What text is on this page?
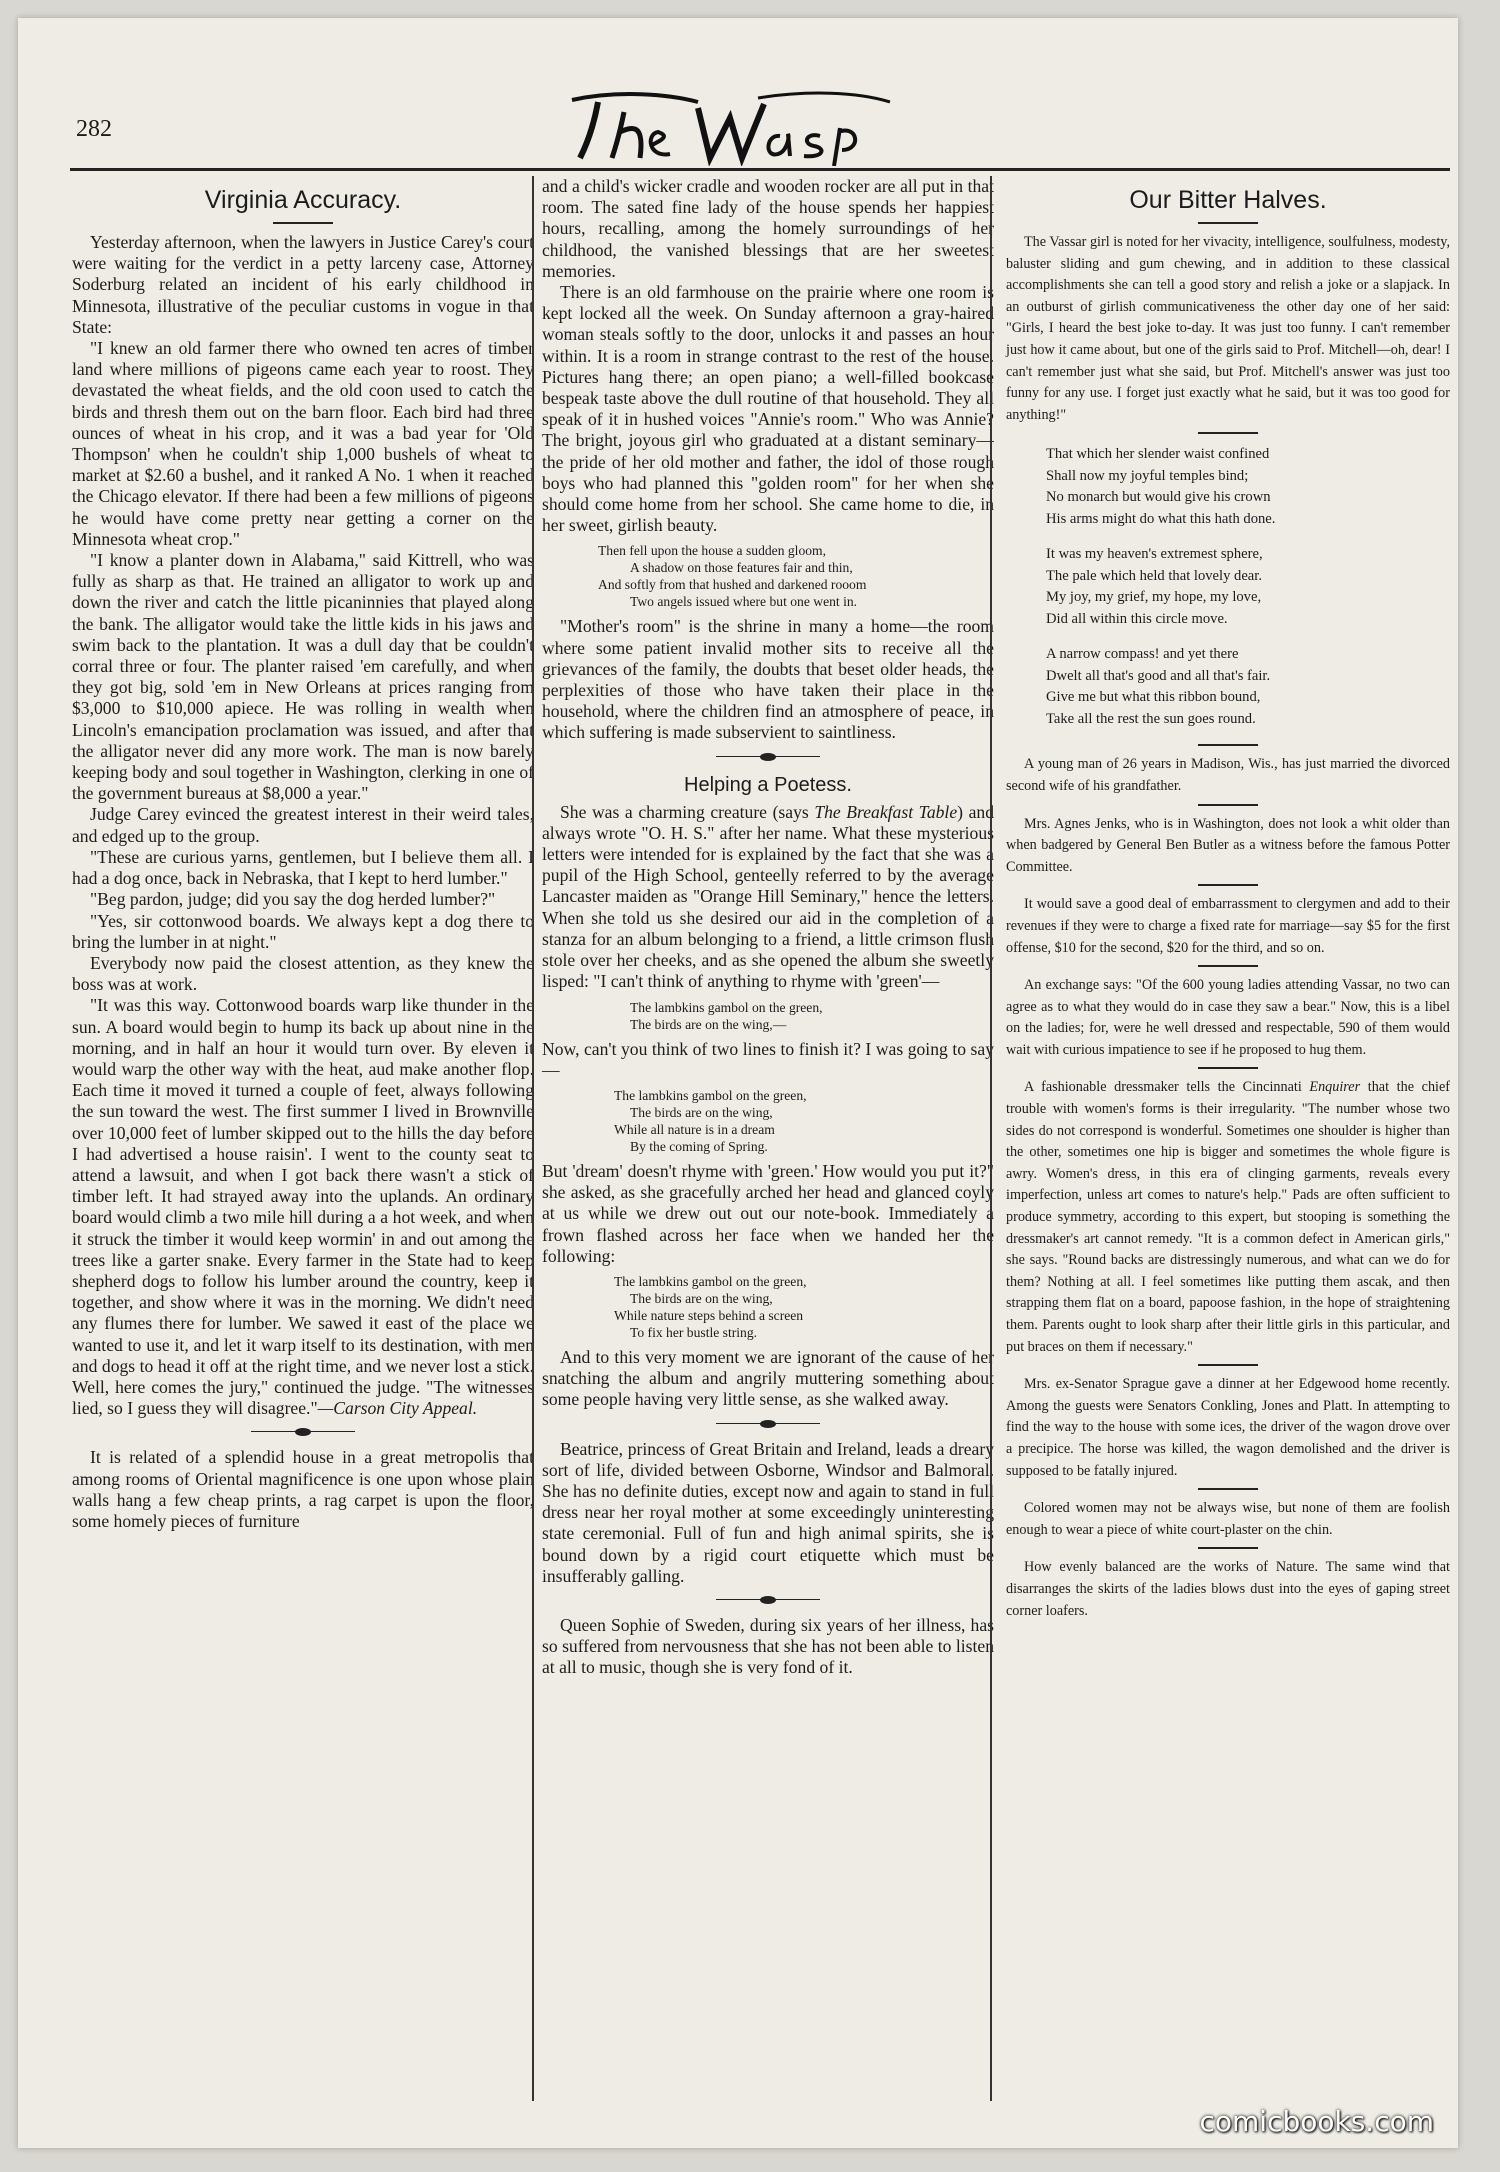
282	The Wasp
Virginia Accuracy.

Yesterday afternoon, when the lawyers in Justice Carey's court were waiting for the verdict in a petty larceny case, Attorney Soderburg related an incident of his early childhood in Minnesota, illustrative of the peculiar customs in vogue in that State:

"I knew an old farmer there who owned ten acres of timber land where millions of pigeons came each year to roost. They devastated the wheat fields, and the old coon used to catch the birds and thresh them out on the barn floor. Each bird had three ounces of wheat in his crop, and it was a bad year for 'Old Thompson' when he couldn't ship 1,000 bushels of wheat to market at $2.60 a bushel, and it ranked A No. 1 when it reached the Chicago elevator. If there had been a few millions of pigeons he would have come pretty near getting a corner on the Minnesota wheat crop."

"I know a planter down in Alabama," said Kittrell, who was fully as sharp as that. He trained an alligator to work up and down the river and catch the little picaninnies that played along the bank. The alligator would take the little kids in his jaws and swim back to the plantation. It was a dull day that be couldn't corral three or four. The planter raised 'em carefully, and when they got big, sold 'em in New Orleans at prices ranging from $3,000 to $10,000 apiece. He was rolling in wealth when Lincoln's emancipation proclamation was issued, and after that the alligator never did any more work. The man is now barely keeping body and soul together in Washington, clerking in one of the government bureaus at $8,000 a year."

Judge Carey evinced the greatest interest in their weird tales, and edged up to the group.

"These are curious yarns, gentlemen, but I believe them all. I had a dog once, back in Nebraska, that I kept to herd lumber."

"Beg pardon, judge; did you say the dog herded lumber?"

"Yes, sir cottonwood boards. We always kept a dog there to bring the lumber in at night."

Everybody now paid the closest attention, as they knew the boss was at work.

"It was this way. Cottonwood boards warp like thunder in the sun. A board would begin to hump its back up about nine in the morning, and in half an hour it would turn over. By eleven it would warp the other way with the heat, aud make another flop. Each time it moved it turned a couple of feet, always following the sun toward the west. The first summer I lived in Brownville over 10,000 feet of lumber skipped out to the hills the day before I had advertised a house raisin'. I went to the county seat to attend a lawsuit, and when I got back there wasn't a stick of timber left. It had strayed away into the uplands. An ordinary board would climb a two mile hill during a a hot week, and when it struck the timber it would keep wormin' in and out among the trees like a garter snake. Every farmer in the State had to keep shepherd dogs to follow his lumber around the country, keep it together, and show where it was in the morning. We didn't need any flumes there for lumber. We sawed it east of the place we wanted to use it, and let it warp itself to its destination, with men and dogs to head it off at the right time, and we never lost a stick. Well, here comes the jury," continued the judge. "The witnesses lied, so I guess they will disagree."—Carson City Appeal.

It is related of a splendid house in a great metropolis that among rooms of Oriental magnificence is one upon whose plain walls hang a few cheap prints, a rag carpet is upon the floor, some homely pieces of furniture

and a child's wicker cradle and wooden rocker are all put in that room. The sated fine lady of the house spends her happiest hours, recalling, among the homely surroundings of her childhood, the vanished blessings that are her sweetest memories.

There is an old farmhouse on the prairie where one room is kept locked all the week. On Sunday afternoon a gray-haired woman steals softly to the door, unlocks it and passes an hour within. It is a room in strange contrast to the rest of the house. Pictures hang there; an open piano; a well-filled bookcase bespeak taste above the dull routine of that household. They all speak of it in hushed voices "Annie's room." Who was Annie? The bright, joyous girl who graduated at a distant seminary—the pride of her old mother and father, the idol of those rough boys who had planned this "golden room" for her when she should come home from her school. She came home to die, in her sweet, girlish beauty.

Then fell upon the house a sudden gloom,
A shadow on those features fair and thin,
And softly from that hushed and darkened rooom
Two angels issued where but one went in.

"Mother's room" is the shrine in many a home—the room where some patient invalid mother sits to receive all the grievances of the family, the doubts that beset older heads, the perplexities of those who have taken their place in the household, where the children find an atmosphere of peace, in which suffering is made subservient to saintliness.

Helping a Poetess.

She was a charming creature (says The Breakfast Table) and always wrote "O. H. S." after her name. What these mysterious letters were intended for is explained by the fact that she was a pupil of the High School, genteelly referred to by the average Lancaster maiden as "Orange Hill Seminary," hence the letters. When she told us she desired our aid in the completion of a stanza for an album belonging to a friend, a little crimson flush stole over her cheeks, and as she opened the album she sweetly lisped: "I can't think of anything to rhyme with 'green'—

The lambkins gambol on the green,
The birds are on the wing,—

Now, can't you think of two lines to finish it? I was going to say—

The lambkins gambol on the green,
The birds are on the wing,
While all nature is in a dream
By the coming of Spring.

But 'dream' doesn't rhyme with 'green.' How would you put it?" she asked, as she gracefully arched her head and glanced coyly at us while we drew out out our note-book. Immediately a frown flashed across her face when we handed her the following:

The lambkins gambol on the green,
The birds are on the wing,
While nature steps behind a screen
To fix her bustle string.

And to this very moment we are ignorant of the cause of her snatching the album and angrily muttering something about some people having very little sense, as she walked away.

Beatrice, princess of Great Britain and Ireland, leads a dreary sort of life, divided between Osborne, Windsor and Balmoral. She has no definite duties, except now and again to stand in full dress near her royal mother at some exceedingly uninteresting state ceremonial. Full of fun and high animal spirits, she is bound down by a rigid court etiquette which must be insufferably galling.

Queen Sophie of Sweden, during six years of her illness, has so suffered from nervousness that she has not been able to listen at all to music, though she is very fond of it.

Our Bitter Halves.

The Vassar girl is noted for her vivacity, intelligence, soulfulness, modesty, baluster sliding and gum chewing, and in addition to these classical accomplishments she can tell a good story and relish a joke or a slapjack. In an outburst of girlish communicativeness the other day one of her said: "Girls, I heard the best joke to-day. It was just too funny. I can't remember just how it came about, but one of the girls said to Prof. Mitchell—oh, dear! I can't remember just what she said, but Prof. Mitchell's answer was just too funny for any use. I forget just exactly what he said, but it was too good for anything!"

That which her slender waist confined
Shall now my joyful temples bind;
No monarch but would give his crown
His arms might do what this hath done.
It was my heaven's extremest sphere,
The pale which held that lovely dear.
My joy, my grief, my hope, my love,
Did all within this circle move.
A narrow compass! and yet there
Dwelt all that's good and all that's fair.
Give me but what this ribbon bound,
Take all the rest the sun goes round.

A young man of 26 years in Madison, Wis., has just married the divorced second wife of his grandfather.

Mrs. Agnes Jenks, who is in Washington, does not look a whit older than when badgered by General Ben Butler as a witness before the famous Potter Committee.

It would save a good deal of embarrassment to clergymen and add to their revenues if they were to charge a fixed rate for marriage—say $5 for the first offense, $10 for the second, $20 for the third, and so on.

An exchange says: "Of the 600 young ladies attending Vassar, no two can agree as to what they would do in case they saw a bear." Now, this is a libel on the ladies; for, were he well dressed and respectable, 590 of them would wait with curious impatience to see if he proposed to hug them.

A fashionable dressmaker tells the Cincinnati Enquirer that the chief trouble with women's forms is their irregularity. "The number whose two sides do not correspond is wonderful. Sometimes one shoulder is higher than the other, sometimes one hip is bigger and sometimes the whole figure is awry. Women's dress, in this era of clinging garments, reveals every imperfection, unless art comes to nature's help." Pads are often sufficient to produce symmetry, according to this expert, but stooping is something the dressmaker's art cannot remedy. "It is a common defect in American girls," she says. "Round backs are distressingly numerous, and what can we do for them? Nothing at all. I feel sometimes like putting them ascak, and then strapping them flat on a board, papoose fashion, in the hope of straightening them. Parents ought to look sharp after their little girls in this particular, and put braces on them if necessary."

Mrs. ex-Senator Sprague gave a dinner at her Edgewood home recently. Among the guests were Senators Conkling, Jones and Platt. In attempting to find the way to the house with some ices, the driver of the wagon drove over a precipice. The horse was killed, the wagon demolished and the driver is supposed to be fatally injured.

Colored women may not be always wise, but none of them are foolish enough to wear a piece of white court-plaster on the chin.

How evenly balanced are the works of Nature. The same wind that disarranges the skirts of the ladies blows dust into the eyes of gaping street corner loafers.

comicbooks.com
